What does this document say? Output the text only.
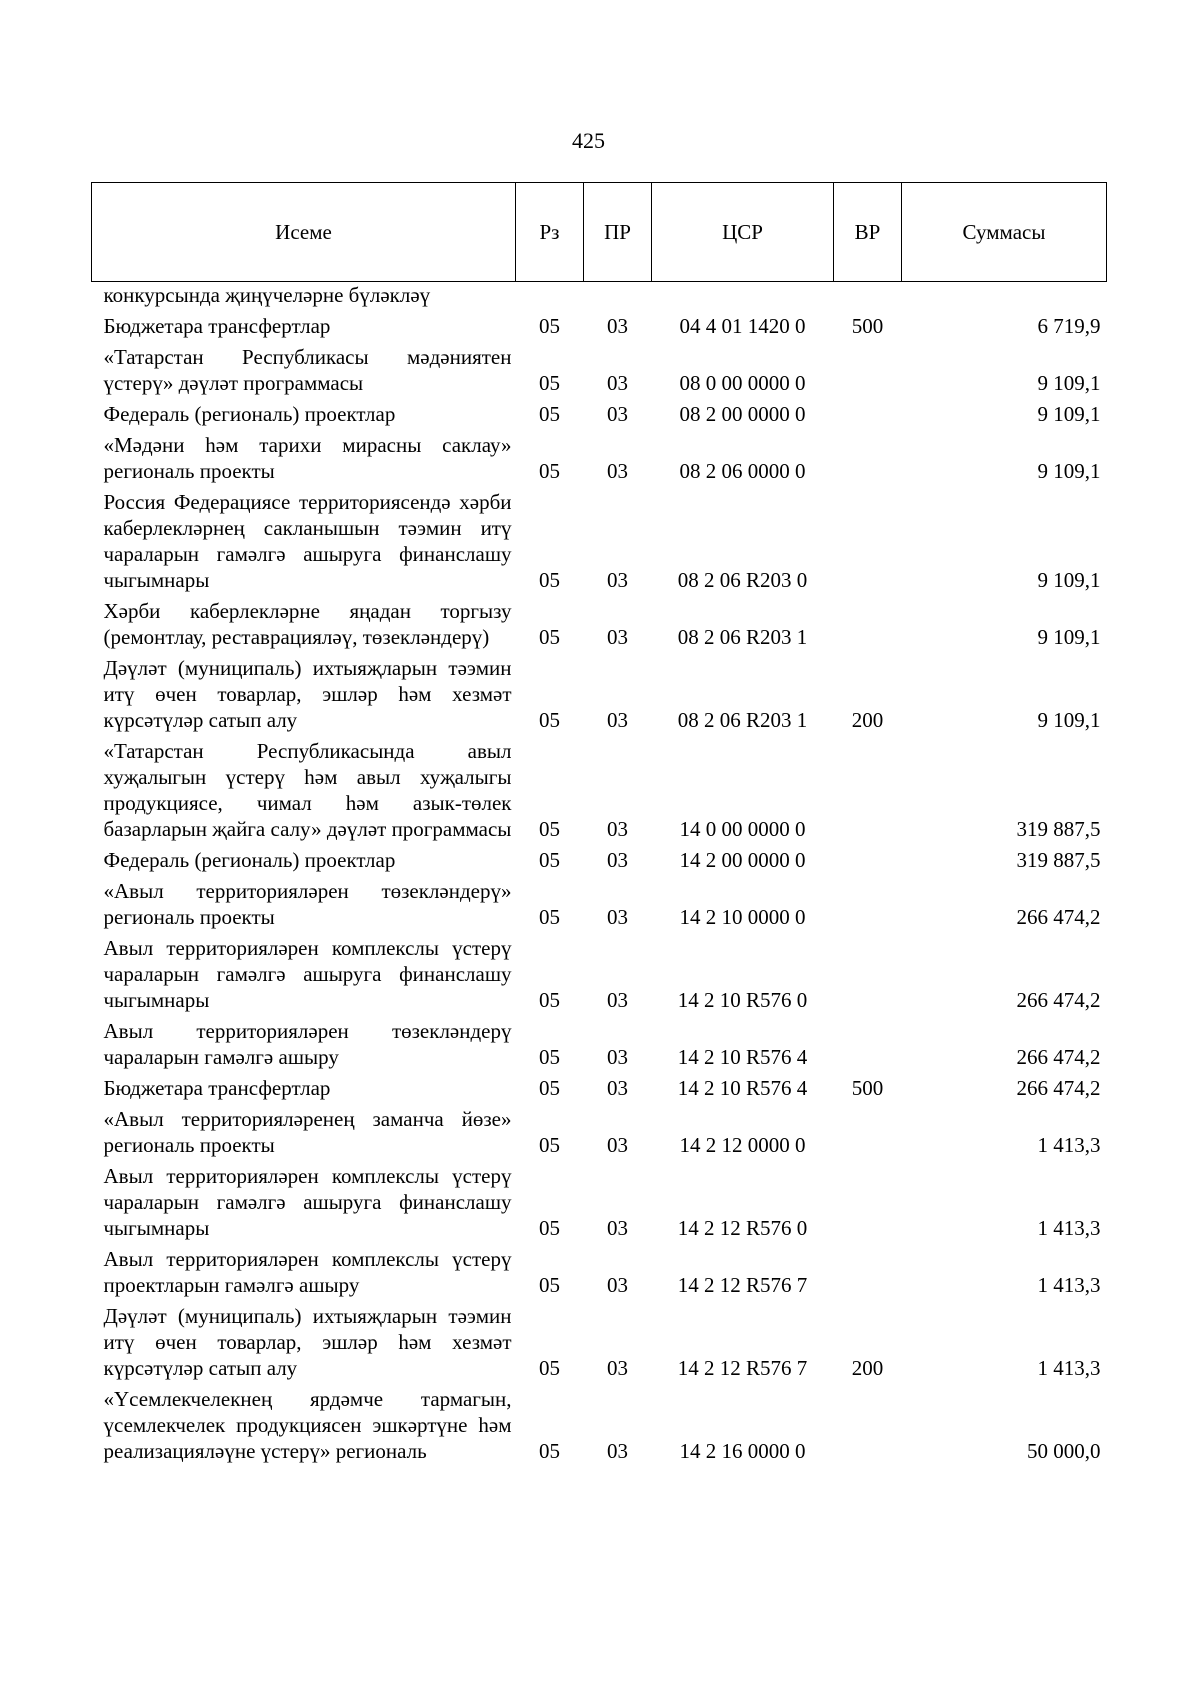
425
Исеме	Рз	ПР	ЦСР	ВР	Суммасы
конкурсында җиңүчеләрне бүләкләү					
Бюджетара трансфертлар	05	03	04 4 01 1420 0	500	6 719,9
«Татарстан Республикасы мәдәниятен үстерү» дәүләт программасы	05	03	08 0 00 0000 0		9 109,1
Федераль (региональ) проектлар	05	03	08 2 00 0000 0		9 109,1
«Мәдәни һәм тарихи мирасны саклау» региональ проекты	05	03	08 2 06 0000 0		9 109,1
Россия Федерациясе территориясендә хәрби каберлекләрнең сакланышын тәэмин итү чараларын гамәлгә ашыруга финанслашу чыгымнары	05	03	08 2 06 R203 0		9 109,1
Хәрби каберлекләрне яңадан торгызу (ремонтлау, реставрацияләү, төзекләндерү)	05	03	08 2 06 R203 1		9 109,1
Дәүләт (муниципаль) ихтыяҗларын тәэмин итү өчен товарлар, эшләр һәм хезмәт күрсәтүләр сатып алу	05	03	08 2 06 R203 1	200	9 109,1
«Татарстан Республикасында авыл хуҗалыгын үстерү һәм авыл хуҗалыгы продукциясе, чимал һәм азык-төлек базарларын җайга салу» дәүләт программасы	05	03	14 0 00 0000 0		319 887,5
Федераль (региональ) проектлар	05	03	14 2 00 0000 0		319 887,5
«Авыл территорияләрен төзекләндерү» региональ проекты	05	03	14 2 10 0000 0		266 474,2
Авыл территорияләрен комплекслы үстерү чараларын гамәлгә ашыруга финанслашу чыгымнары	05	03	14 2 10 R576 0		266 474,2
Авыл территорияләрен төзекләндерү чараларын гамәлгә ашыру	05	03	14 2 10 R576 4		266 474,2
Бюджетара трансфертлар	05	03	14 2 10 R576 4	500	266 474,2
«Авыл территорияләренең заманча йөзе» региональ проекты	05	03	14 2 12 0000 0		1 413,3
Авыл территорияләрен комплекслы үстерү чараларын гамәлгә ашыруга финанслашу чыгымнары	05	03	14 2 12 R576 0		1 413,3
Авыл территорияләрен комплекслы үстерү проектларын гамәлгә ашыру	05	03	14 2 12 R576 7		1 413,3
Дәүләт (муниципаль) ихтыяҗларын тәэмин итү өчен товарлар, эшләр һәм хезмәт күрсәтүләр сатып алу	05	03	14 2 12 R576 7	200	1 413,3
«Үсемлекчелекнең ярдәмче тармагын, үсемлекчелек продукциясен эшкәртүне һәм реализацияләүне үстерү» региональ	05	03	14 2 16 0000 0		50 000,0
